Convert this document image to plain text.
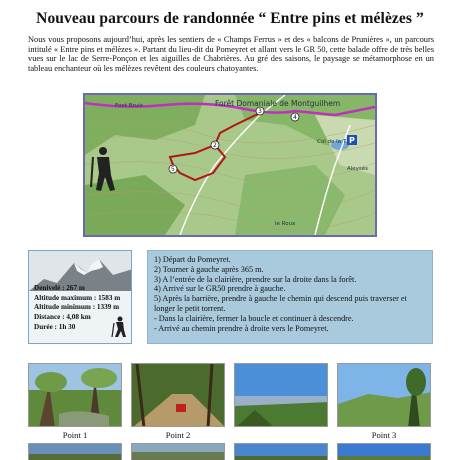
Nouveau parcours de randonnée “ Entre pins et mélèzes ”
Nous vous proposons aujourd’hui, après les sentiers de « Champs Ferrus » et des « balcons de Prunières », un parcours intitulé « Entre pins et mélèzes ». Partant du lieu-dit du Pomeyret et allant vers le GR 50, cette balade offre de très belles vues sur le lac de Serre-Ponçon et les aiguilles de Chabrières. Au gré des saisons, le paysage se métamorphose en un tableau enchanteur où les mélèzes revêtent des couleurs chatoyantes.
5
2
3
4
P
Forêt Domaniale de Montguilhem
Font Bruix
Col de la T.
le Roux
Aleysès
Denivelé : 267 m
Altitude maximum : 1583 m
Altitude minimum : 1339 m
Distance : 4,08 km
Durée : 1h 30
1) Départ du Pomeyret.
2) Tourner à gauche après 365 m.
3) A l’entrée de la clairière, prendre sur la droite dans la forêt.
4) Arrivé sur le GR50 prendre à gauche.
5) Après la barrière, prendre à gauche le chemin qui descend puis traverser et longer le petit torrent.
- Dans la clairière, fermer la boucle et continuer à descendre.
- Arrivé au chemin prendre à droite vers le Pomeyret.
Point 1	Point 2	Point 3
